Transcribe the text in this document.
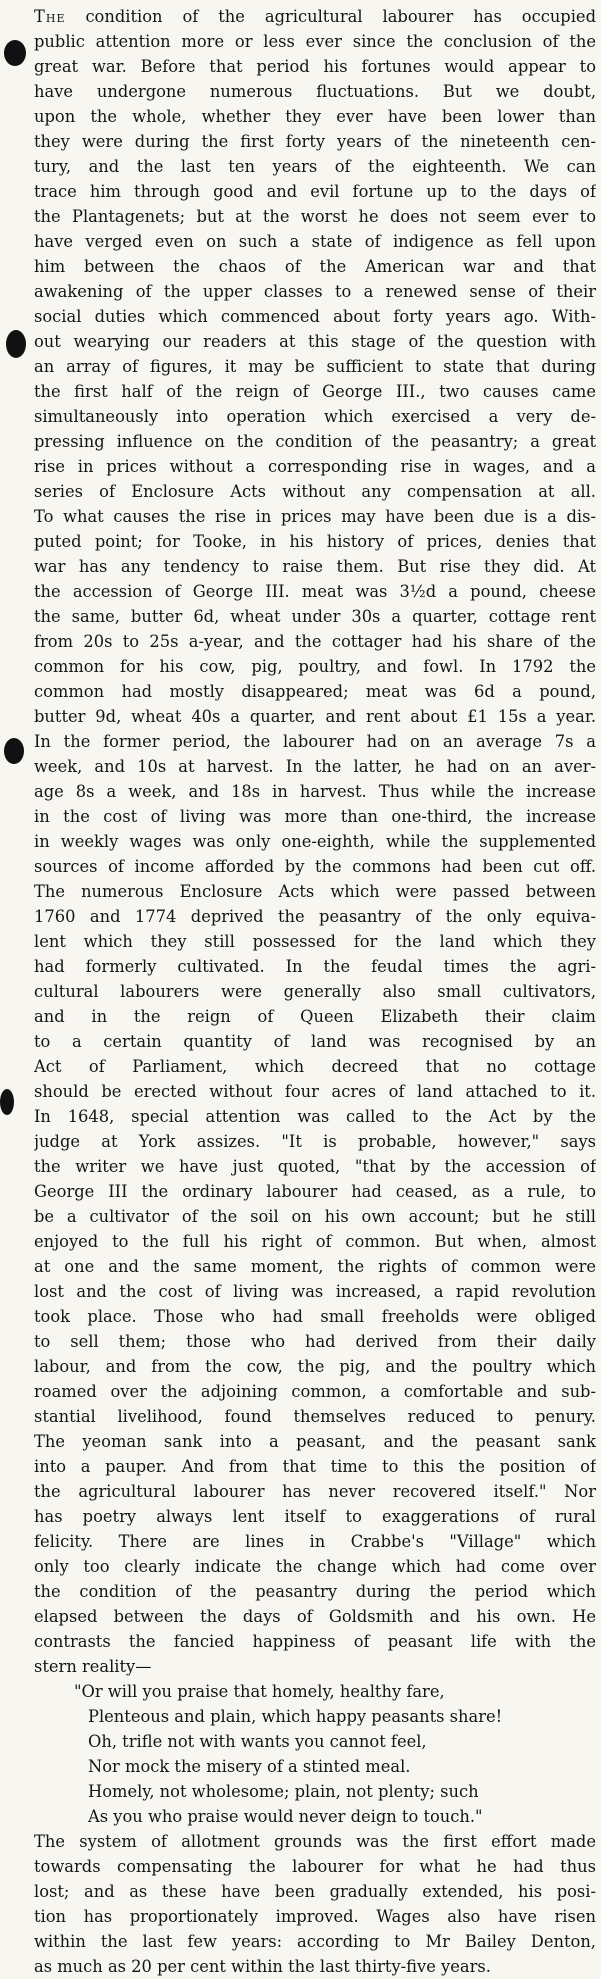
The condition of the agricultural labourer has occupied
public attention more or less ever since the conclusion of the
great war. Before that period his fortunes would appear to
have undergone numerous fluctuations. But we doubt,
upon the whole, whether they ever have been lower than
they were during the first forty years of the nineteenth cen-
tury, and the last ten years of the eighteenth. We can
trace him through good and evil fortune up to the days of
the Plantagenets; but at the worst he does not seem ever to
have verged even on such a state of indigence as fell upon
him between the chaos of the American war and that
awakening of the upper classes to a renewed sense of their
social duties which commenced about forty years ago. With-
out wearying our readers at this stage of the question with
an array of figures, it may be sufficient to state that during
the first half of the reign of George III., two causes came
simultaneously into operation which exercised a very de-
pressing influence on the condition of the peasantry; a great
rise in prices without a corresponding rise in wages, and a
series of Enclosure Acts without any compensation at all.
To what causes the rise in prices may have been due is a dis-
puted point; for Tooke, in his history of prices, denies that
war has any tendency to raise them. But rise they did. At
the accession of George III. meat was 3½d a pound, cheese
the same, butter 6d, wheat under 30s a quarter, cottage rent
from 20s to 25s a-year, and the cottager had his share of the
common for his cow, pig, poultry, and fowl. In 1792 the
common had mostly disappeared; meat was 6d a pound,
butter 9d, wheat 40s a quarter, and rent about £1 15s a year.
In the former period, the labourer had on an average 7s a
week, and 10s at harvest. In the latter, he had on an aver-
age 8s a week, and 18s in harvest. Thus while the increase
in the cost of living was more than one-third, the increase
in weekly wages was only one-eighth, while the supplemented
sources of income afforded by the commons had been cut off.
The numerous Enclosure Acts which were passed between
1760 and 1774 deprived the peasantry of the only equiva-
lent which they still possessed for the land which they
had formerly cultivated. In the feudal times the agri-
cultural labourers were generally also small cultivators,
and in the reign of Queen Elizabeth their claim
to a certain quantity of land was recognised by an
Act of Parliament, which decreed that no cottage
should be erected without four acres of land attached to it.
In 1648, special attention was called to the Act by the
judge at York assizes. "It is probable, however," says
the writer we have just quoted, "that by the accession of
George III the ordinary labourer had ceased, as a rule, to
be a cultivator of the soil on his own account; but he still
enjoyed to the full his right of common. But when, almost
at one and the same moment, the rights of common were
lost and the cost of living was increased, a rapid revolution
took place. Those who had small freeholds were obliged
to sell them; those who had derived from their daily
labour, and from the cow, the pig, and the poultry which
roamed over the adjoining common, a comfortable and sub-
stantial livelihood, found themselves reduced to penury.
The yeoman sank into a peasant, and the peasant sank
into a pauper. And from that time to this the position of
the agricultural labourer has never recovered itself." Nor
has poetry always lent itself to exaggerations of rural
felicity. There are lines in Crabbe's "Village" which
only too clearly indicate the change which had come over
the condition of the peasantry during the period which
elapsed between the days of Goldsmith and his own. He
contrasts the fancied happiness of peasant life with the
stern reality—
"Or will you praise that homely, healthy fare,
Plenteous and plain, which happy peasants share!
Oh, trifle not with wants you cannot feel,
Nor mock the misery of a stinted meal.
Homely, not wholesome; plain, not plenty; such
As you who praise would never deign to touch."
The system of allotment grounds was the first effort made
towards compensating the labourer for what he had thus
lost; and as these have been gradually extended, his posi-
tion has proportionately improved. Wages also have risen
within the last few years: according to Mr Bailey Denton,
as much as 20 per cent within the last thirty-five years.
